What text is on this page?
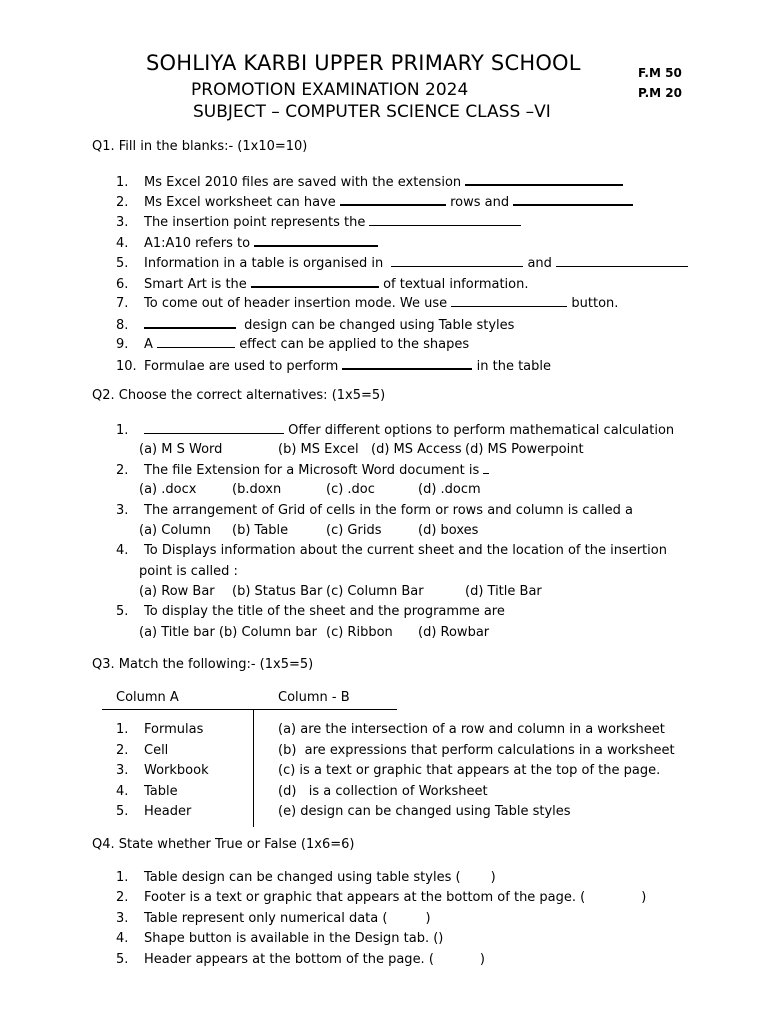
SOHLIYA KARBI UPPER PRIMARY SCHOOL
PROMOTION EXAMINATION 2024
SUBJECT – COMPUTER SCIENCE CLASS –VI
F.M 50
P.M 20
Q1. Fill in the blanks:- (1x10=10)
1. Ms Excel 2010 files are saved with the extension
2. Ms Excel worksheet can have	rows and
3. The insertion point represents the
4. A1:A10 refers to
5. Information in a table is organised in	and
6. Smart Art is the	of textual information.
7. To come out of header insertion mode. We use	button.
8.	design can be changed using Table styles
9. A	effect can be applied to the shapes
10. Formulae are used to perform	in the table
Q2. Choose the correct alternatives: (1x5=5)
1.	Offer different options to perform mathematical calculation
(a) M S Word	(b) MS Excel (d) MS Access (d) MS Powerpoint
2. The file Extension for a Microsoft Word document is
(a) .docx	(b.doxn	(c) .doc	(d) .docm
3. The arrangement of Grid of cells in the form or rows and column is called a
(a) Column (b) Table	(c) Grids	(d) boxes
4. To Displays information about the current sheet and the location of the insertion
point is called :
(a) Row Bar (b) Status Bar (c) Column Bar	(d) Title Bar
5. To display the title of the sheet and the programme are
(a) Title bar (b) Column bar (c) Ribbon (d) Rowbar
Q3. Match the following:- (1x5=5)
Column A	Column - B
1. Formulas	(a) are the intersection of a row and column in a worksheet
2. Cell	(b)  are expressions that perform calculations in a worksheet
3. Workbook	(c) is a text or graphic that appears at the top of the page.
4. Table	(d)   is a collection of Worksheet
5. Header	(e) design can be changed using Table styles
Q4. State whether True or False (1x6=6)
1. Table design can be changed using table styles ( )
2. Footer is a text or graphic that appears at the bottom of the page. (	)
3. Table represent only numerical data (	)
4. Shape button is available in the Design tab. ()
5. Header appears at the bottom of the page. (	)
